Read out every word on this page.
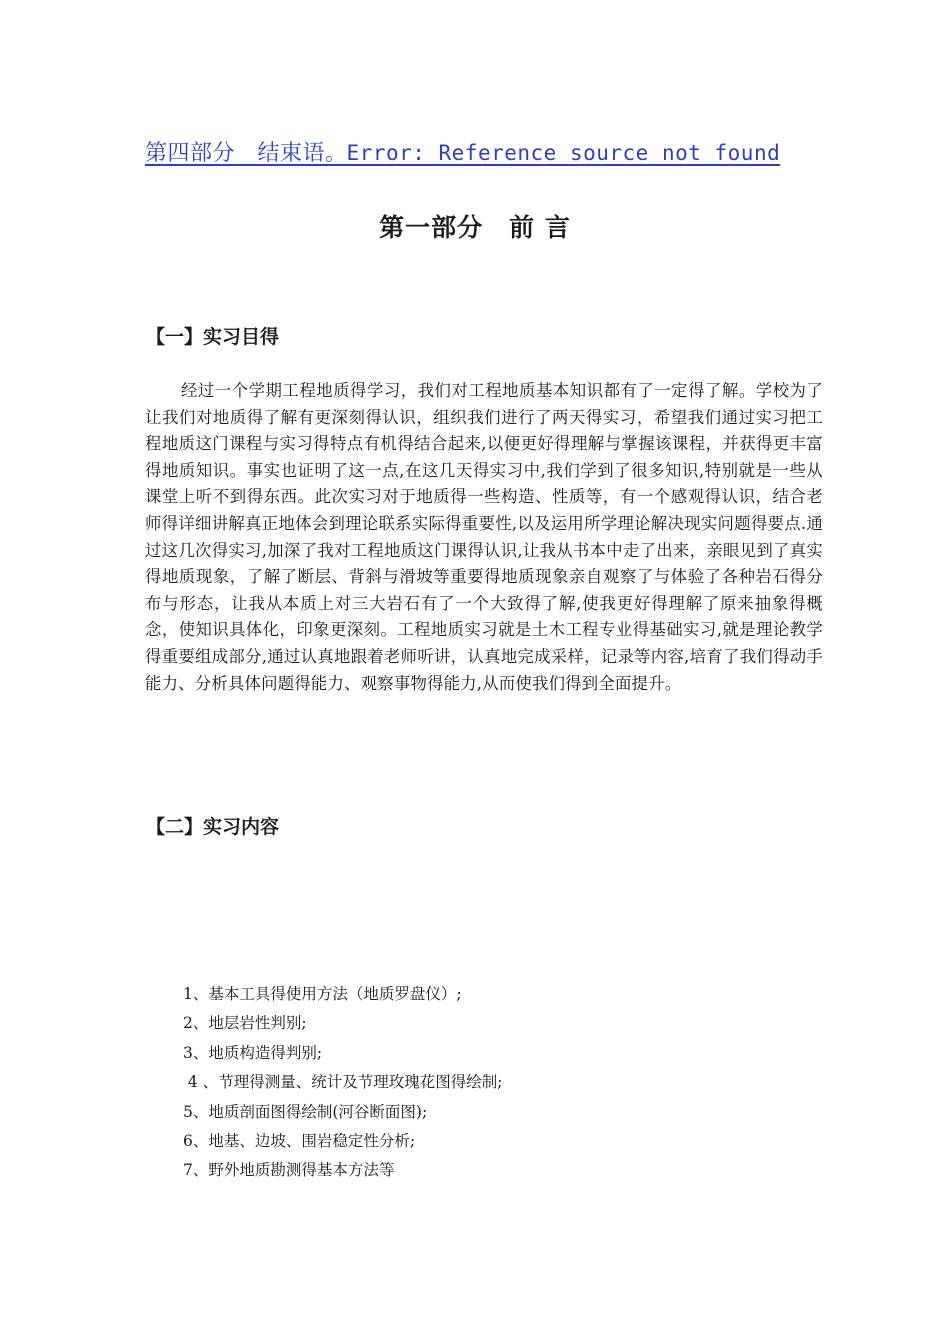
第四部分　结束语。Error: Reference source not found
第一部分　前 言
【一】实习目得

经过一个学期工程地质得学习，我们对工程地质基本知识都有了一定得了解。学校为了让我们对地质得了解有更深刻得认识，组织我们进行了两天得实习，希望我们通过实习把工程地质这门课程与实习得特点有机得结合起来,以便更好得理解与掌握该课程，并获得更丰富得地质知识。事实也证明了这一点,在这几天得实习中,我们学到了很多知识,特别就是一些从课堂上听不到得东西。此次实习对于地质得一些构造、性质等，有一个感观得认识，结合老师得详细讲解真正地体会到理论联系实际得重要性,以及运用所学理论解决现实问题得要点.通过这几次得实习,加深了我对工程地质这门课得认识,让我从书本中走了出来，亲眼见到了真实得地质现象，了解了断层、背斜与滑坡等重要得地质现象亲自观察了与体验了各种岩石得分布与形态，让我从本质上对三大岩石有了一个大致得了解,使我更好得理解了原来抽象得概念，使知识具体化，印象更深刻。工程地质实习就是土木工程专业得基础实习,就是理论教学得重要组成部分,通过认真地跟着老师听讲，认真地完成采样，记录等内容,培育了我们得动手能力、分析具体问题得能力、观察事物得能力,从而使我们得到全面提升。

【二】实习内容
1、基本工具得使用方法（地质罗盘仪）;
2、地层岩性判别;
3、地质构造得判别;
4 、节理得测量、统计及节理玫瑰花图得绘制;
5、地质剖面图得绘制(河谷断面图);
6、地基、边坡、围岩稳定性分析;
7、野外地质勘测得基本方法等
